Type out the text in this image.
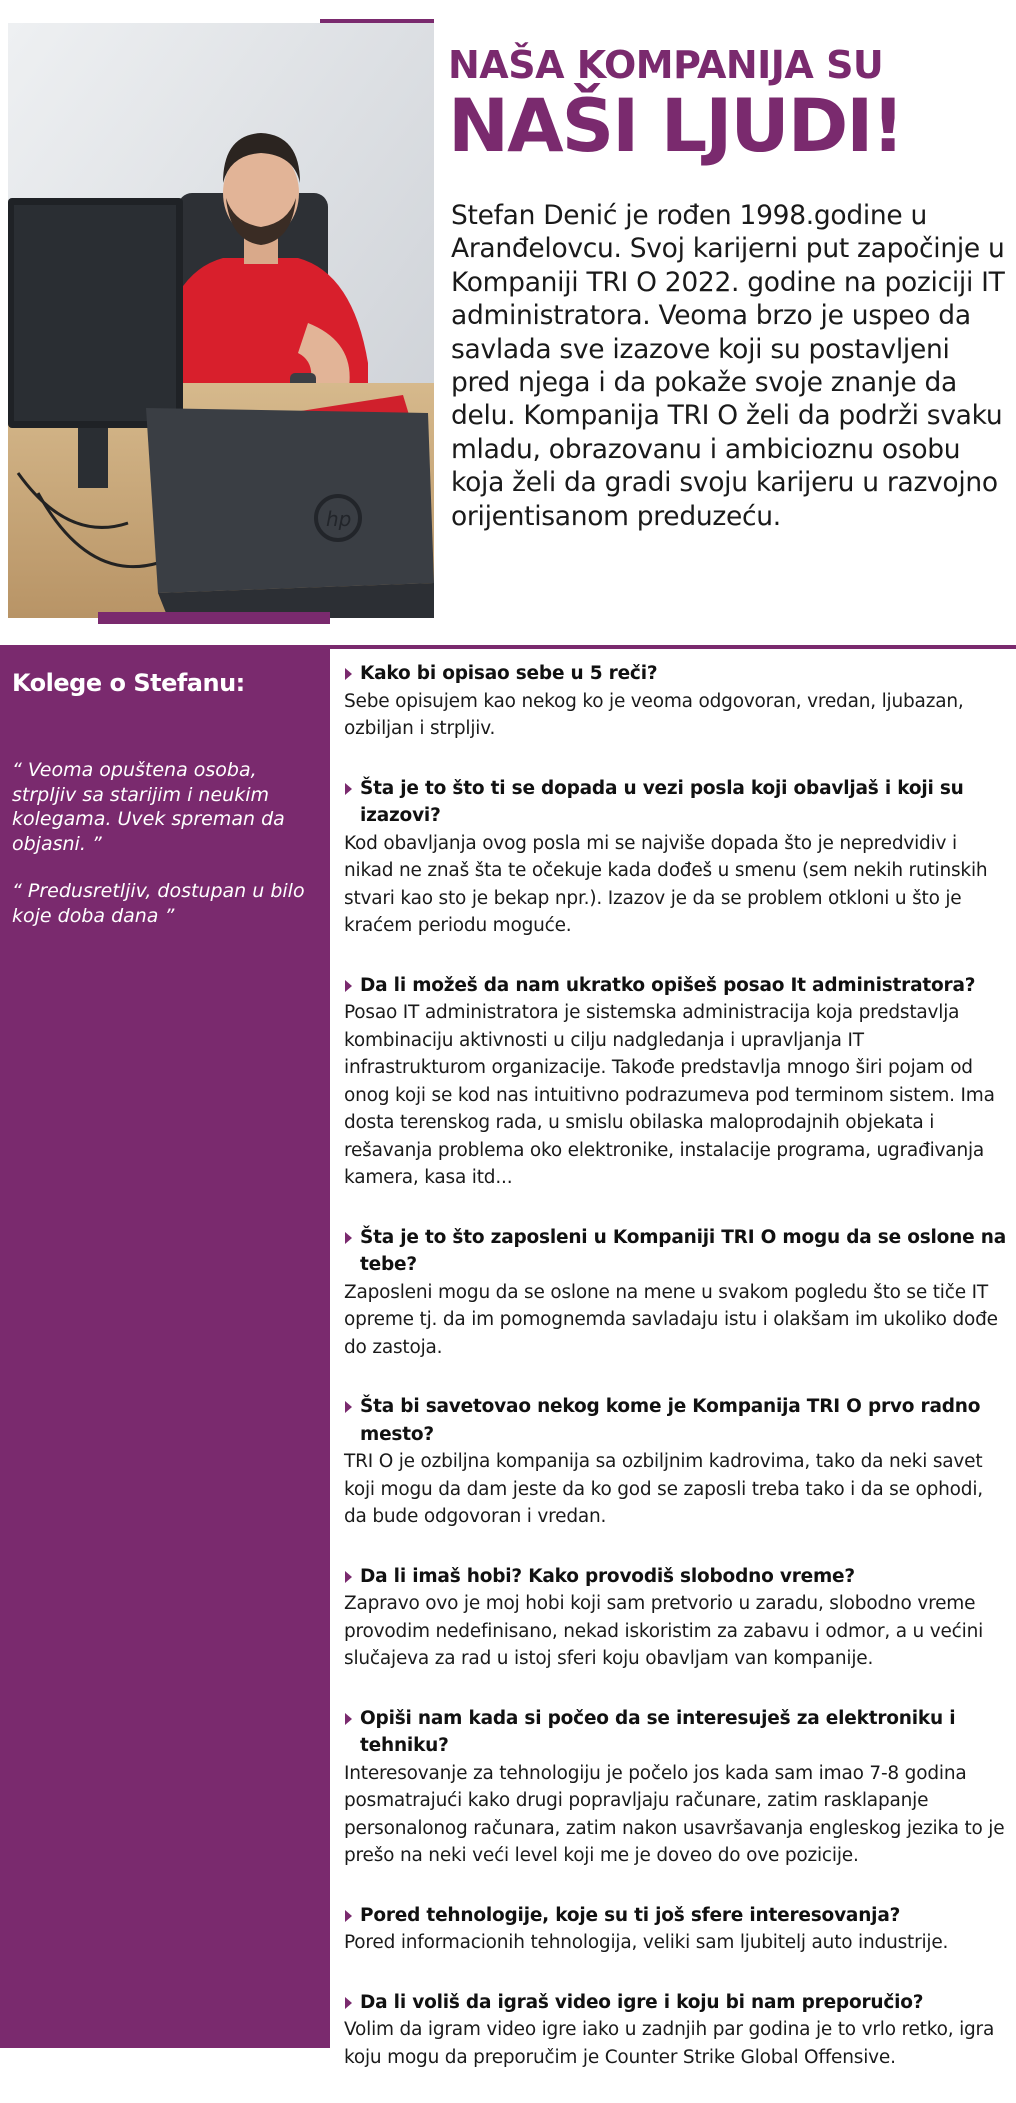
hp
NAŠA KOMPANIJA SU
NAŠI LJUDI!

Stefan Denić je rođen 1998.godine u Aranđelovcu. Svoj karijerni put započinje u Kompaniji TRI O 2022. godine na poziciji IT administratora. Veoma brzo je uspeo da savlada sve izazove koji su postavljeni pred njega i da pokaže svoje znanje da delu. Kompanija TRI O želi da podrži svaku mladu, obrazovanu i ambicioznu osobu koja želi da gradi svoju karijeru u razvojno orijentisanom preduzeću.

Kolege o Stefanu:

“ Veoma opuštena osoba, strpljiv sa starijim i neukim kolegama. Uvek spreman da objasni. ”

“ Predusretljiv, dostupan u bilo koje doba dana ”

Kako bi opisao sebe u 5 reči?
Sebe opisujem kao nekog ko je veoma odgovoran, vredan, ljubazan, ozbiljan i strpljiv.
Šta je to što ti se dopada u vezi posla koji obavljaš i koji su izazovi?
Kod obavljanja ovog posla mi se najviše dopada što je nepredvidiv i nikad ne znaš šta te očekuje kada dođeš u smenu (sem nekih rutinskih stvari kao sto je bekap npr.). Izazov je da se problem otkloni u što je kraćem periodu moguće.
Da li možeš da nam ukratko opišeš posao It administratora?
Posao IT administratora je sistemska administracija koja predstavlja kombinaciju aktivnosti u cilju nadgledanja i upravljanja IT infrastrukturom organizacije. Takođe predstavlja mnogo širi pojam od onog koji se kod nas intuitivno podrazumeva pod terminom sistem. Ima dosta terenskog rada, u smislu obilaska maloprodajnih objekata i rešavanja problema oko elektronike, instalacije programa, ugrađivanja kamera, kasa itd...
Šta je to što zaposleni u Kompaniji TRI O mogu da se oslone na tebe?
Zaposleni mogu da se oslone na mene u svakom pogledu što se tiče IT opreme tj. da im pomognemda savladaju istu i olakšam im ukoliko dođe do zastoja.
Šta bi savetovao nekog kome je Kompanija TRI O prvo radno mesto?
TRI O je ozbiljna kompanija sa ozbiljnim kadrovima, tako da neki savet koji mogu da dam jeste da ko god se zaposli treba tako i da se ophodi, da bude odgovoran i vredan.
Da li imaš hobi? Kako provodiš slobodno vreme?
Zapravo ovo je moj hobi koji sam pretvorio u zaradu, slobodno vreme provodim nedefinisano, nekad iskoristim za zabavu i odmor, a u većini slučajeva za rad u istoj sferi koju obavljam van kompanije.
Opiši nam kada si počeo da se interesuješ za elektroniku i tehniku?
Interesovanje za tehnologiju je počelo jos kada sam imao 7-8 godina posmatrajući kako drugi popravljaju računare, zatim rasklapanje personalonog računara, zatim nakon usavršavanja engleskog jezika to je prešo na neki veći level koji me je doveo do ove pozicije.
Pored tehnologije, koje su ti još sfere interesovanja?
Pored informacionih tehnologija, veliki sam ljubitelj auto industrije.
Da li voliš da igraš video igre i koju bi nam preporučio?
Volim da igram video igre iako u zadnjih par godina je to vrlo retko, igra koju mogu da preporučim je Counter Strike Global Offensive.
